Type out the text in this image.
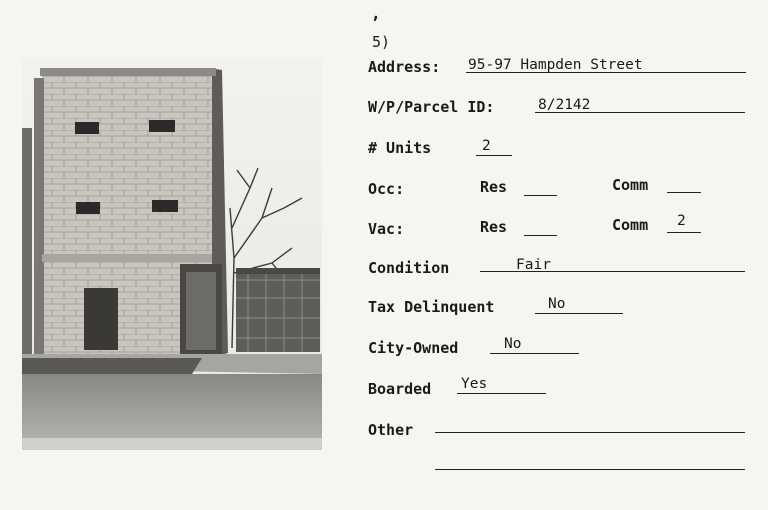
,
5)
Address: 95-97 Hampden Street
W/P/Parcel ID:	8/2142
# Units	2
Occ:	Res	Comm
Vac:	Res	Comm 2
Condition	Fair
Tax Delinquent	No
City-Owned	No
Boarded Yes
Other
